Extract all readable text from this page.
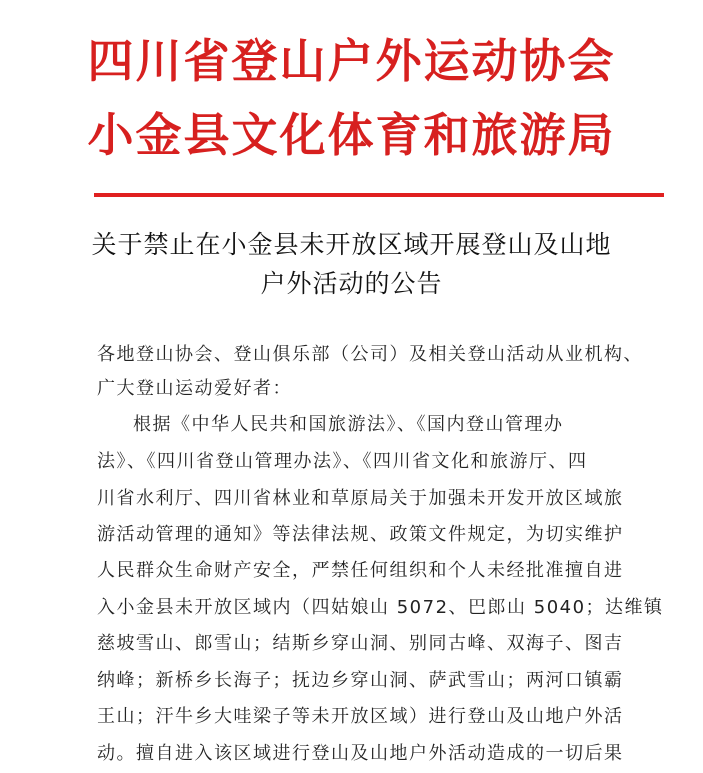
四川省登山户外运动协会
小金县文化体育和旅游局
关于禁止在小金县未开放区域开展登山及山地
户外活动的公告
各地登山协会、登山俱乐部（公司）及相关登山活动从业机构、
广大登山运动爱好者：
根据《中华人民共和国旅游法》、《国内登山管理办
法》、《四川省登山管理办法》、《四川省文化和旅游厅、四
川省水利厅、四川省林业和草原局关于加强未开发开放区域旅
游活动管理的通知》等法律法规、政策文件规定，为切实维护
人民群众生命财产安全，严禁任何组织和个人未经批准擅自进
入小金县未开放区域内（四姑娘山 5072、巴郎山 5040；达维镇
慈坡雪山、郎雪山；结斯乡穿山洞、别同古峰、双海子、图吉
纳峰；新桥乡长海子；抚边乡穿山洞、萨武雪山；两河口镇霸
王山；汗牛乡大哇梁子等未开放区域）进行登山及山地户外活
动。擅自进入该区域进行登山及山地户外活动造成的一切后果
